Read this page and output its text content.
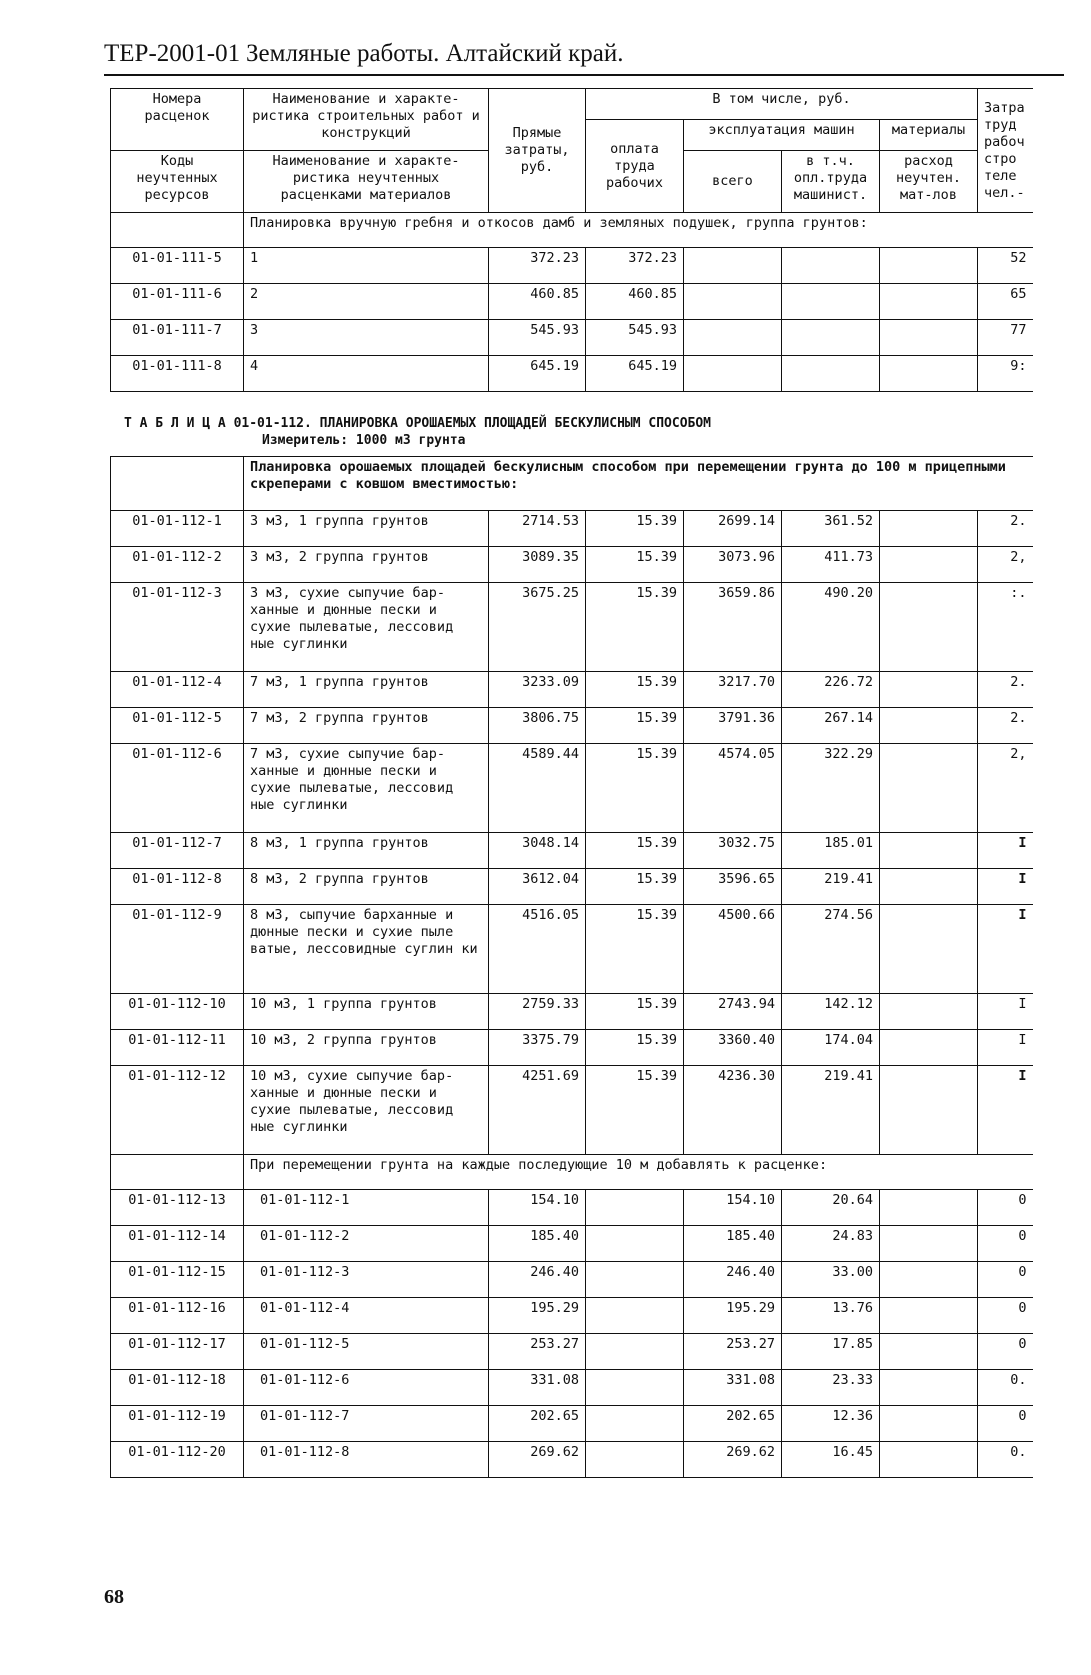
ТЕР-2001-01 Земляные работы. Алтайский край.
Номера расценок	Наименование и характе-ристика строительных работ и конструкций	Прямые затраты, руб.	В том числе, руб.				Затра труд рабоч стро теле чел.-
			оплата труда рабочих	эксплуатация машин		материалы	
Коды неучтенных ресурсов	Наименование и характе-ристика неучтенных расценками материалов			всего	в т.ч. опл.труда машинист.	расход неучтен. мат-лов	

	Планировка вручную гребня и откосов дамб и земляных подушек, группа грунтов:						
01-01-111-5	1	372.23	372.23				52
01-01-111-6	2	460.85	460.85				65
01-01-111-7	3	545.93	545.93				77
01-01-111-8	4	645.19	645.19				9:
Т А Б Л И Ц А 01-01-112. ПЛАНИРОВКА ОРОШАЕМЫХ ПЛОЩАДЕЙ БЕСКУЛИСНЫМ СПОСОБОМ
Измеритель: 1000 м3 грунта
	Планировка орошаемых площадей бескулисным способом при перемещении грунта до 100 м прицепными скреперами с ковшом вместимостью:						
01-01-112-1	3 м3, 1 группа грунтов	2714.53	15.39	2699.14	361.52		2.
01-01-112-2	3 м3, 2 группа грунтов	3089.35	15.39	3073.96	411.73		2,
01-01-112-3	3 м3, сухие сыпучие бар-ханные и дюнные пески и сухие пылеватые, лессовид ные суглинки	3675.25	15.39	3659.86	490.20		:.
01-01-112-4	7 м3, 1 группа грунтов	3233.09	15.39	3217.70	226.72		2.
01-01-112-5	7 м3, 2 группа грунтов	3806.75	15.39	3791.36	267.14		2.
01-01-112-6	7 м3, сухие сыпучие бар-ханные и дюнные пески и сухие пылеватые, лессовид ные суглинки	4589.44	15.39	4574.05	322.29		2,
01-01-112-7	8 м3, 1 группа грунтов	3048.14	15.39	3032.75	185.01		I
01-01-112-8	8 м3, 2 группа грунтов	3612.04	15.39	3596.65	219.41		I
01-01-112-9	8 м3, сыпучие барханные и дюнные пески и сухие пыле ватые, лессовидные суглин ки	4516.05	15.39	4500.66	274.56		I
01-01-112-10	10 м3, 1 группа грунтов	2759.33	15.39	2743.94	142.12		I
01-01-112-11	10 м3, 2 группа грунтов	3375.79	15.39	3360.40	174.04		I
01-01-112-12	10 м3, сухие сыпучие бар-ханные и дюнные пески и сухие пылеватые, лессовид ные суглинки	4251.69	15.39	4236.30	219.41		I
	При перемещении грунта на каждые последующие 10 м добавлять к расценке:						
01-01-112-13	01-01-112-1	154.10		154.10	20.64		0
01-01-112-14	01-01-112-2	185.40		185.40	24.83		0
01-01-112-15	01-01-112-3	246.40		246.40	33.00		0
01-01-112-16	01-01-112-4	195.29		195.29	13.76		0
01-01-112-17	01-01-112-5	253.27		253.27	17.85		0
01-01-112-18	01-01-112-6	331.08		331.08	23.33		0.
01-01-112-19	01-01-112-7	202.65		202.65	12.36		0
01-01-112-20	01-01-112-8	269.62		269.62	16.45		0.
68
